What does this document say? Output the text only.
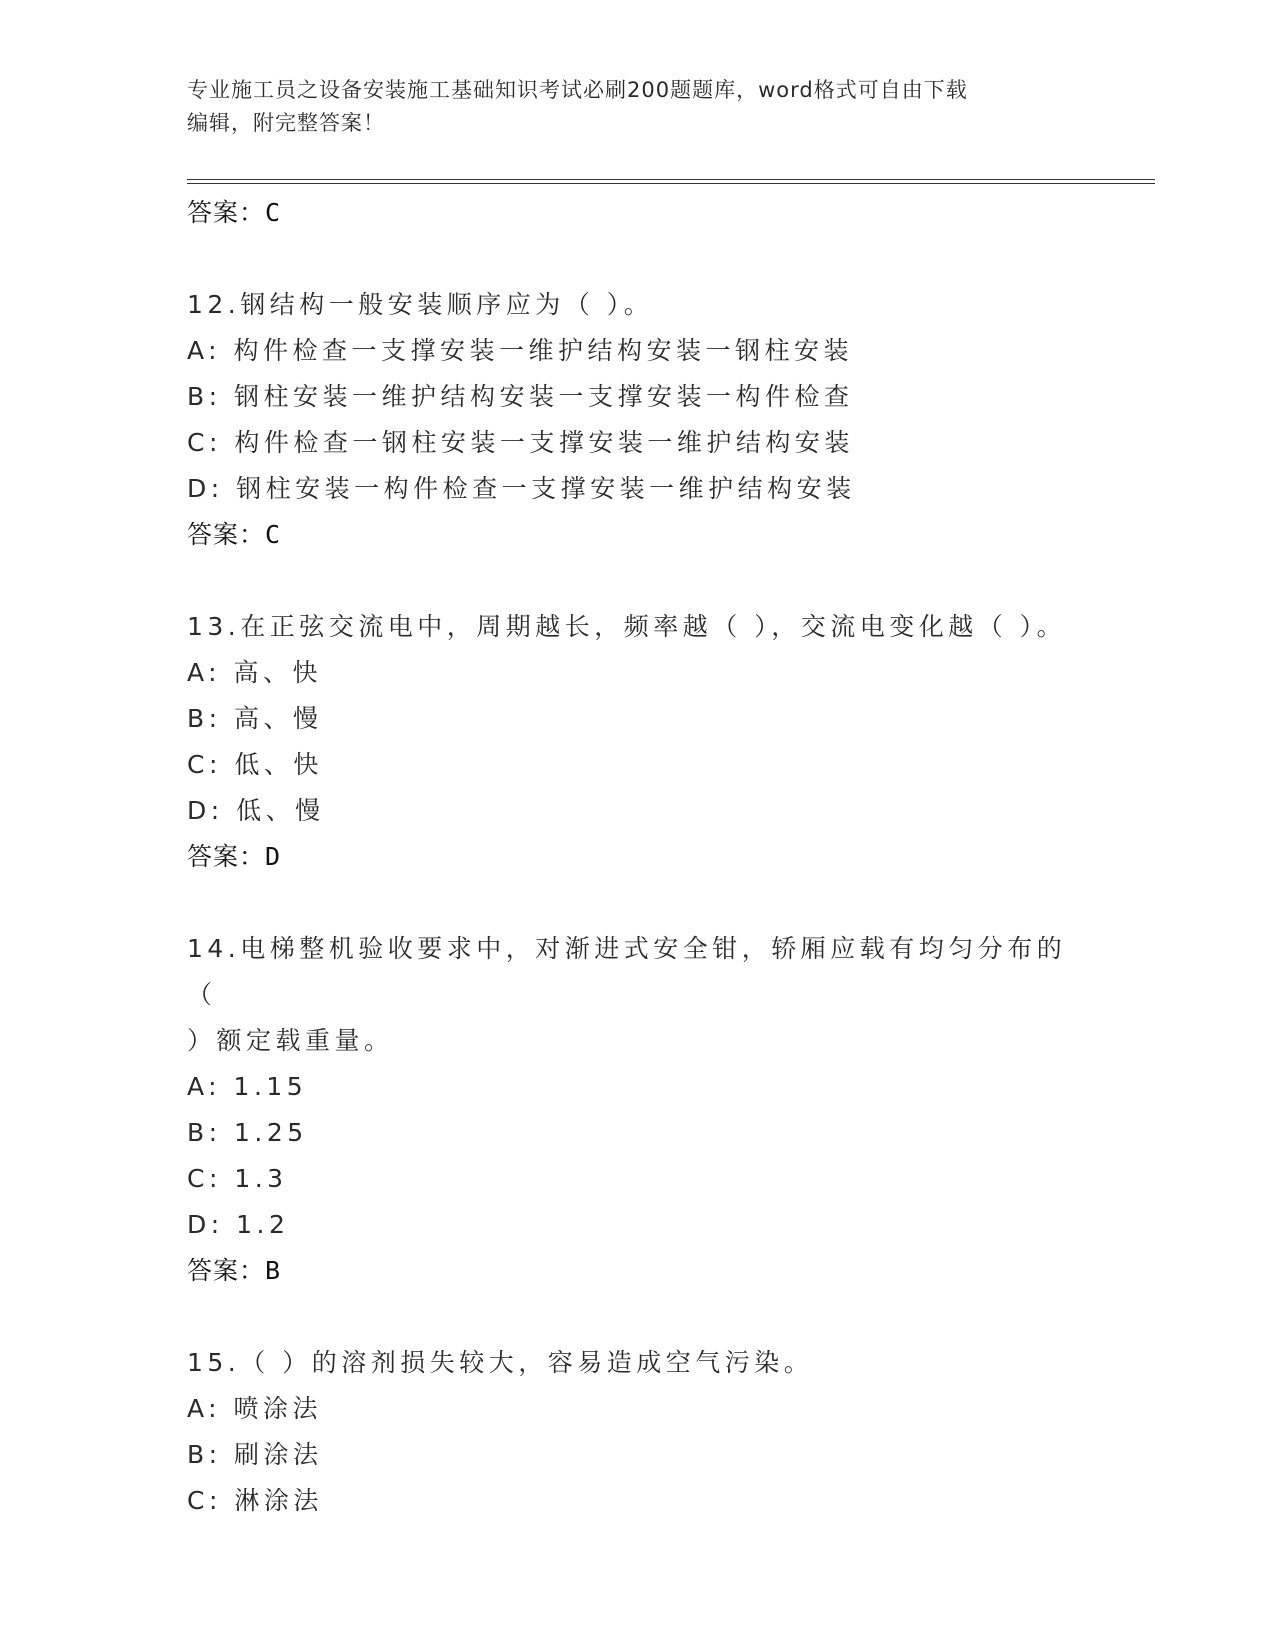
专业施工员之设备安装施工基础知识考试必刷200题题库，word格式可自由下载
编辑，附完整答案！
答案：C
12.钢结构一般安装顺序应为（ ）。
A: 构件检查一支撑安装一维护结构安装一钢柱安装
B: 钢柱安装一维护结构安装一支撑安装一构件检查
C: 构件检查一钢柱安装一支撑安装一维护结构安装
D: 钢柱安装一构件检查一支撑安装一维护结构安装
答案：C
13.在正弦交流电中，周期越长，频率越（ ），交流电变化越（ ）。
A: 高、快
B: 高、慢
C: 低、快
D: 低、慢
答案：D
14.电梯整机验收要求中，对渐进式安全钳，轿厢应载有均匀分布的（
）额定载重量。
A: 1.15
B: 1.25
C: 1.3
D: 1.2
答案：B
15.（ ）的溶剂损失较大，容易造成空气污染。
A: 喷涂法
B: 刷涂法
C: 淋涂法
